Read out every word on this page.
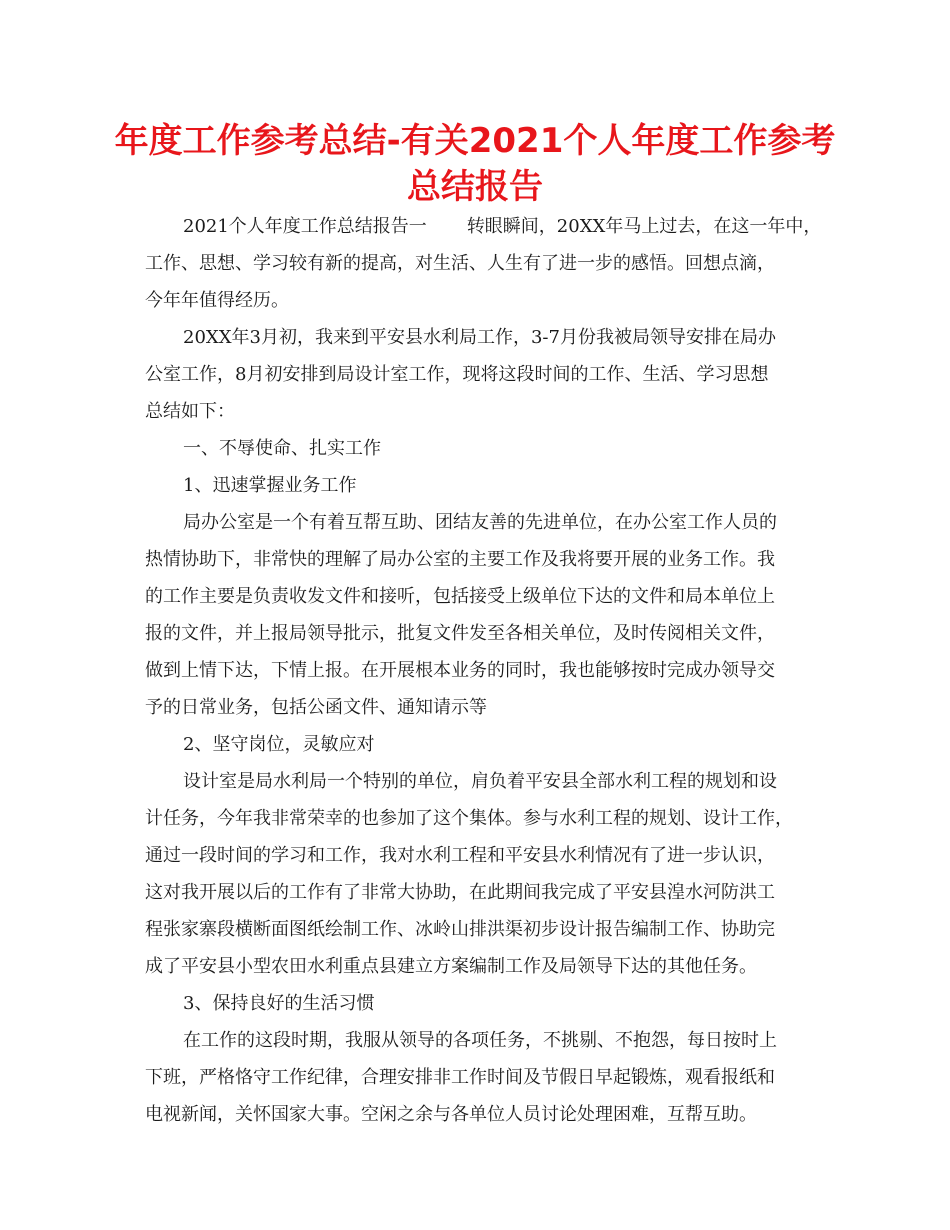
年度工作参考总结-有关2021个人年度工作参考
总结报告
2021个人年度工作总结报告一 转眼瞬间，20XX年马上过去，在这一年中，
工作、思想、学习较有新的提高，对生活、人生有了进一步的感悟。回想点滴，
今年年值得经历。
20XX年3月初，我来到平安县水利局工作，3-7月份我被局领导安排在局办
公室工作，8月初安排到局设计室工作，现将这段时间的工作、生活、学习思想
总结如下：
一、不辱使命、扎实工作
1、迅速掌握业务工作
局办公室是一个有着互帮互助、团结友善的先进单位，在办公室工作人员的
热情协助下，非常快的理解了局办公室的主要工作及我将要开展的业务工作。我
的工作主要是负责收发文件和接听，包括接受上级单位下达的文件和局本单位上
报的文件，并上报局领导批示，批复文件发至各相关单位，及时传阅相关文件，
做到上情下达，下情上报。在开展根本业务的同时，我也能够按时完成办领导交
予的日常业务，包括公函文件、通知请示等
2、坚守岗位，灵敏应对
设计室是局水利局一个特别的单位，肩负着平安县全部水利工程的规划和设
计任务，今年我非常荣幸的也参加了这个集体。参与水利工程的规划、设计工作，
通过一段时间的学习和工作，我对水利工程和平安县水利情况有了进一步认识，
这对我开展以后的工作有了非常大协助，在此期间我完成了平安县湟水河防洪工
程张家寨段横断面图纸绘制工作、冰岭山排洪渠初步设计报告编制工作、协助完
成了平安县小型农田水利重点县建立方案编制工作及局领导下达的其他任务。
3、保持良好的生活习惯
在工作的这段时期，我服从领导的各项任务，不挑剔、不抱怨，每日按时上
下班，严格恪守工作纪律，合理安排非工作时间及节假日早起锻炼，观看报纸和
电视新闻，关怀国家大事。空闲之余与各单位人员讨论处理困难，互帮互助。
